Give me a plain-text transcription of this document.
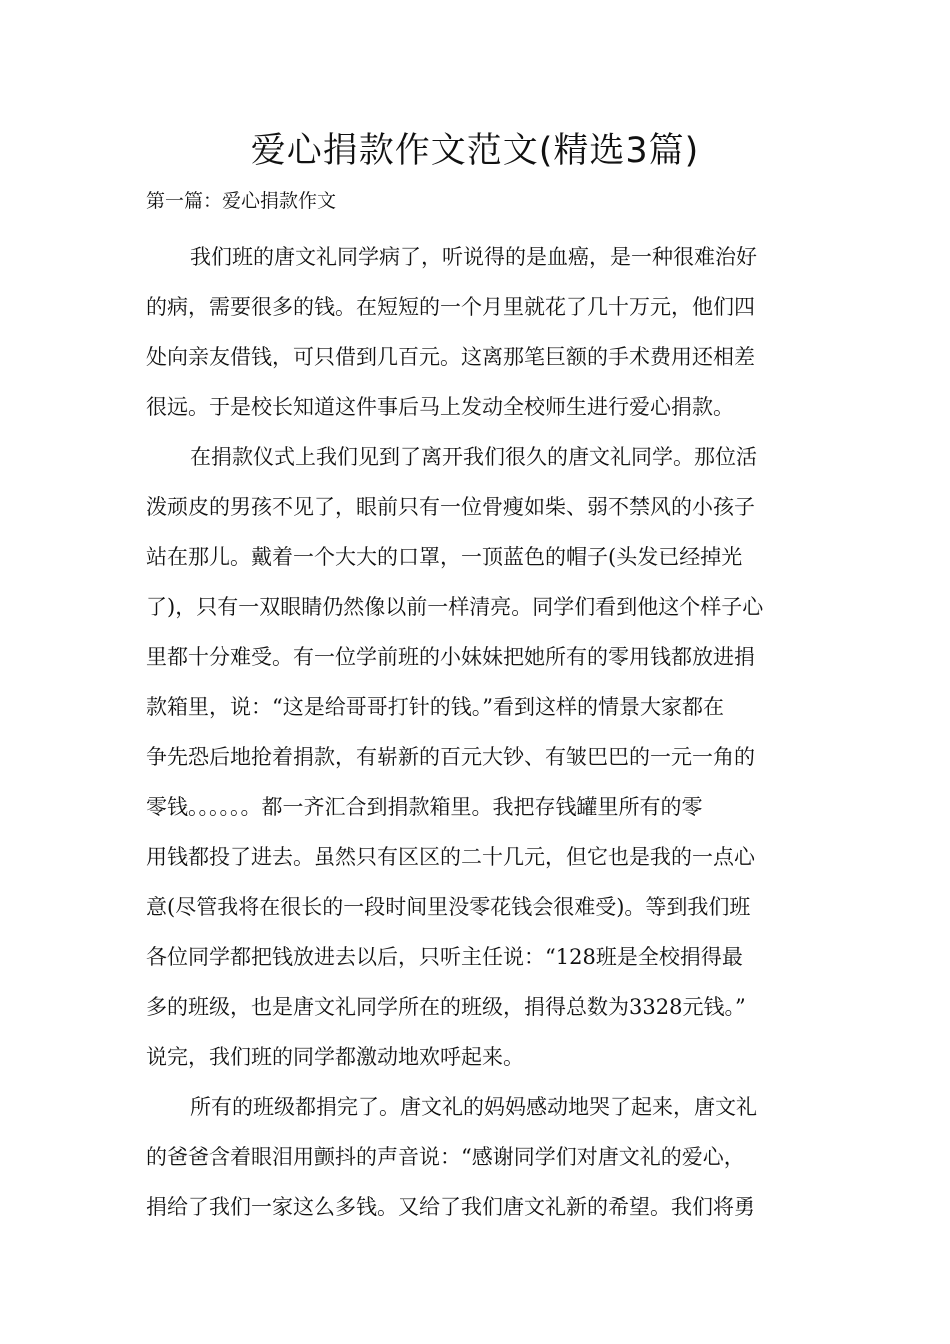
爱心捐款作文范文(精选3篇)
第一篇：爱心捐款作文

我们班的唐文礼同学病了，听说得的是血癌，是一种很难治好
的病，需要很多的钱。在短短的一个月里就花了几十万元，他们四
处向亲友借钱，可只借到几百元。这离那笔巨额的手术费用还相差
很远。于是校长知道这件事后马上发动全校师生进行爱心捐款。

在捐款仪式上我们见到了离开我们很久的唐文礼同学。那位活
泼顽皮的男孩不见了，眼前只有一位骨瘦如柴、弱不禁风的小孩子
站在那儿。戴着一个大大的口罩，一顶蓝色的帽子(头发已经掉光
了)，只有一双眼睛仍然像以前一样清亮。同学们看到他这个样子心
里都十分难受。有一位学前班的小妹妹把她所有的零用钱都放进捐
款箱里，说：“这是给哥哥打针的钱。”看到这样的情景大家都在
争先恐后地抢着捐款，有崭新的百元大钞、有皱巴巴的一元一角的
零钱。。。。。。都一齐汇合到捐款箱里。我把存钱罐里所有的零
用钱都投了进去。虽然只有区区的二十几元，但它也是我的一点心
意(尽管我将在很长的一段时间里没零花钱会很难受)。等到我们班
各位同学都把钱放进去以后，只听主任说：“128班是全校捐得最
多的班级，也是唐文礼同学所在的班级，捐得总数为3328元钱。”
说完，我们班的同学都激动地欢呼起来。

所有的班级都捐完了。唐文礼的妈妈感动地哭了起来，唐文礼
的爸爸含着眼泪用颤抖的声音说：“感谢同学们对唐文礼的爱心，
捐给了我们一家这么多钱。又给了我们唐文礼新的希望。我们将勇
